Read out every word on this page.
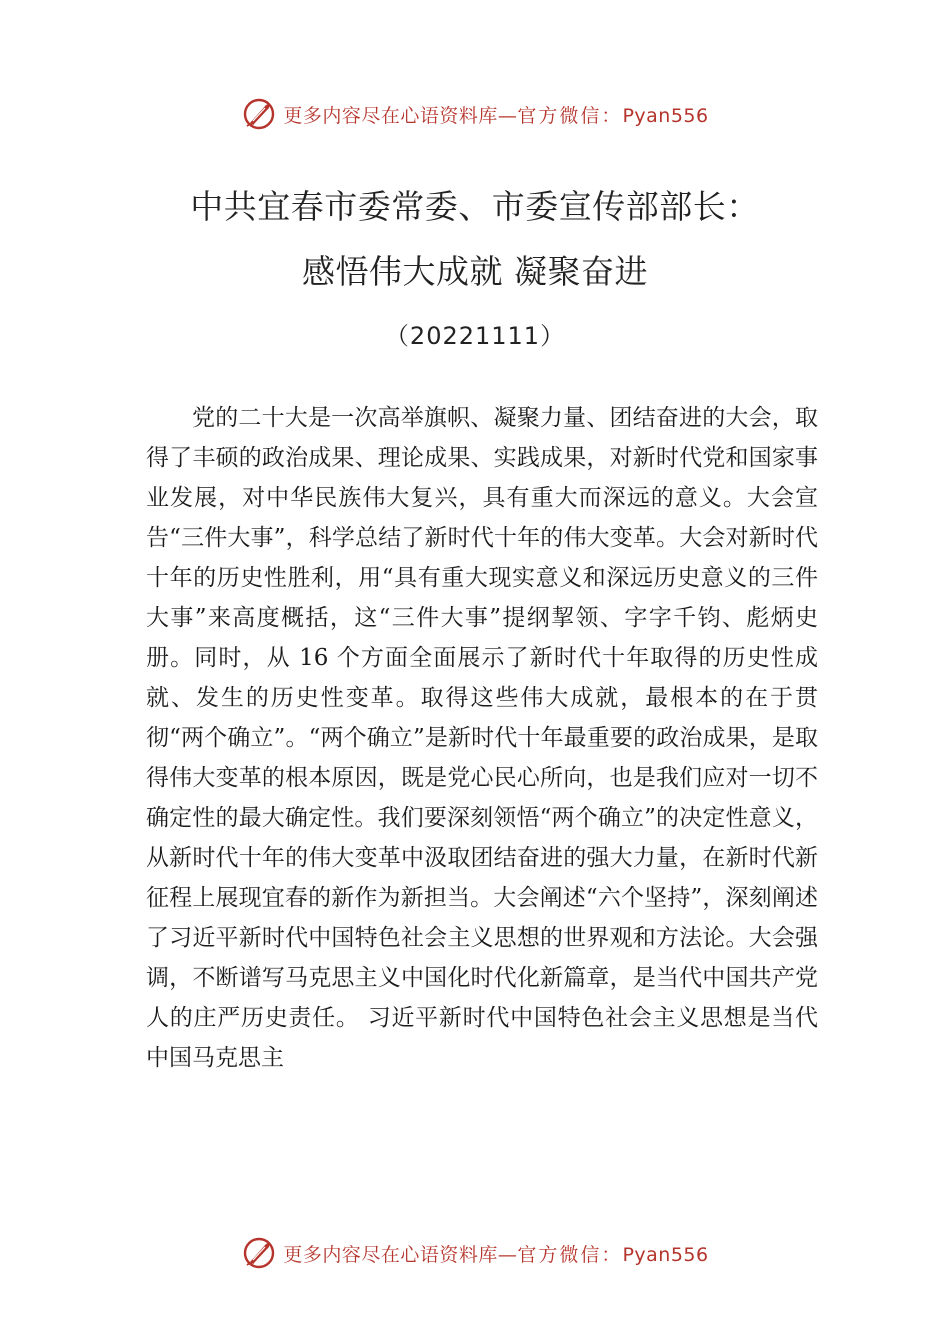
更多内容尽在心语资料库—官方微信：Pyan556

中共宜春市委常委、市委宣传部部长：

感悟伟大成就 凝聚奋进

（20221111）

党的二十大是一次高举旗帜、凝聚力量、团结奋进的大会，取得了丰硕的政治成果、理论成果、实践成果，对新时代党和国家事业发展，对中华民族伟大复兴，具有重大而深远的意义。大会宣告“三件大事”，科学总结了新时代十年的伟大变革。大会对新时代十年的历史性胜利，用“具有重大现实意义和深远历史意义的三件大事”来高度概括，这“三件大事”提纲挈领、字字千钧、彪炳史册。同时，从 16 个方面全面展示了新时代十年取得的历史性成就、发生的历史性变革。取得这些伟大成就，最根本的在于贯彻“两个确立”。“两个确立”是新时代十年最重要的政治成果，是取得伟大变革的根本原因，既是党心民心所向，也是我们应对一切不确定性的最大确定性。我们要深刻领悟“两个确立”的决定性意义，从新时代十年的伟大变革中汲取团结奋进的强大力量，在新时代新征程上展现宜春的新作为新担当。大会阐述“六个坚持”，深刻阐述了习近平新时代中国特色社会主义思想的世界观和方法论。大会强调，不断谱写马克思主义中国化时代化新篇章，是当代中国共产党人的庄严历史责任。 习近平新时代中国特色社会主义思想是当代中国马克思主

更多内容尽在心语资料库—官方微信：Pyan556
